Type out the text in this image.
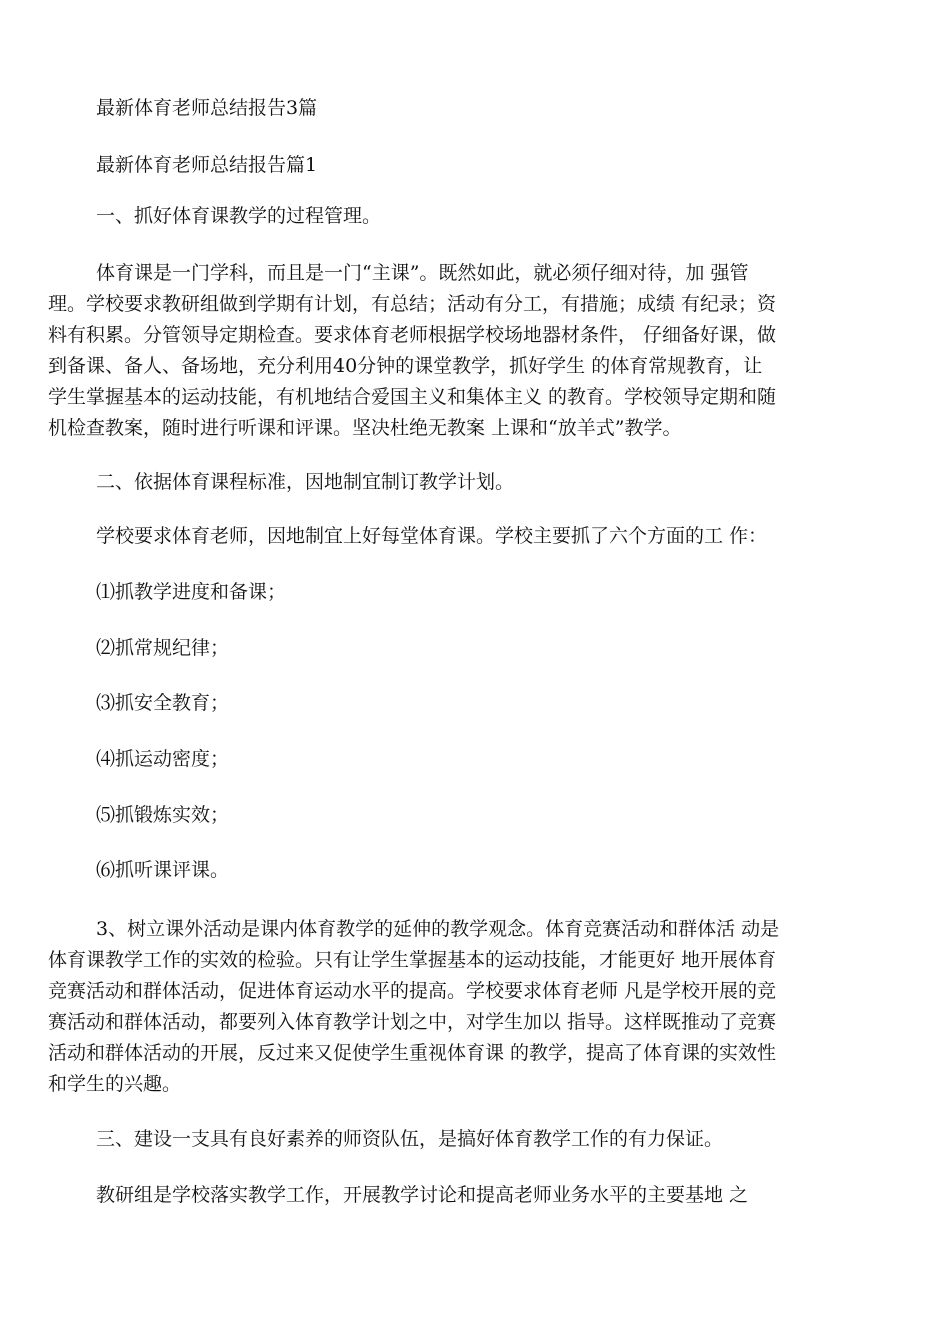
最新体育老师总结报告3篇
最新体育老师总结报告篇1
一、抓好体育课教学的过程管理。
体育课是一门学科，而且是一门“主课”。既然如此，就必须仔细对待，加 强管
理。学校要求教研组做到学期有计划，有总结；活动有分工，有措施；成绩 有纪录；资
料有积累。分管领导定期检查。要求体育老师根据学校场地器材条件， 仔细备好课，做
到备课、备人、备场地，充分利用40分钟的课堂教学，抓好学生 的体育常规教育，让
学生掌握基本的运动技能，有机地结合爱国主义和集体主义 的教育。学校领导定期和随
机检查教案，随时进行听课和评课。坚决杜绝无教案 上课和“放羊式”教学。
二、依据体育课程标准，因地制宜制订教学计划。
学校要求体育老师，因地制宜上好每堂体育课。学校主要抓了六个方面的工 作：
⑴抓教学进度和备课；
⑵抓常规纪律；
⑶抓安全教育；
⑷抓运动密度；
⑸抓锻炼实效；
⑹抓听课评课。
3、树立课外活动是课内体育教学的延伸的教学观念。体育竞赛活动和群体活 动是
体育课教学工作的实效的检验。只有让学生掌握基本的运动技能，才能更好 地开展体育
竞赛活动和群体活动，促进体育运动水平的提高。学校要求体育老师 凡是学校开展的竞
赛活动和群体活动，都要列入体育教学计划之中，对学生加以 指导。这样既推动了竞赛
活动和群体活动的开展，反过来又促使学生重视体育课 的教学，提高了体育课的实效性
和学生的兴趣。
三、建设一支具有良好素养的师资队伍，是搞好体育教学工作的有力保证。
教研组是学校落实教学工作，开展教学讨论和提高老师业务水平的主要基地 之
